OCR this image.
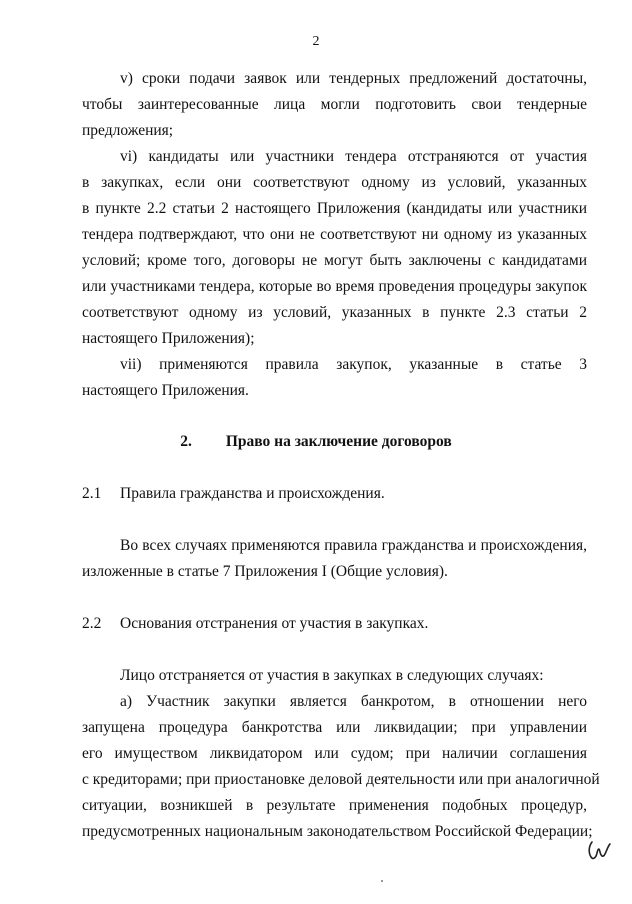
2
v) сроки подачи заявок или тендерных предложений достаточны,
чтобы заинтересованные лица могли подготовить свои тендерные
предложения;
vi) кандидаты или участники тендера отстраняются от участия
в закупках, если они соответствуют одному из условий, указанных
в пункте 2.2 статьи 2 настоящего Приложения (кандидаты или участники
тендера подтверждают, что они не соответствуют ни одному из указанных
условий; кроме того, договоры не могут быть заключены с кандидатами
или участниками тендера, которые во время проведения процедуры закупок
соответствуют одному из условий, указанных в пункте 2.3 статьи 2
настоящего Приложения);
vii) применяются правила закупок, указанные в статье 3
настоящего Приложения.
2. Право на заключение договоров
2.1 Правила гражданства и происхождения.
Во всех случаях применяются правила гражданства и происхождения,
изложенные в статье 7 Приложения I (Общие условия).
2.2 Основания отстранения от участия в закупках.
Лицо отстраняется от участия в закупках в следующих случаях:
а) Участник закупки является банкротом, в отношении него
запущена процедура банкротства или ликвидации; при управлении
его имуществом ликвидатором или судом; при наличии соглашения
с кредиторами; при приостановке деловой деятельности или при аналогичной
ситуации, возникшей в результате применения подобных процедур,
предусмотренных национальным законодательством Российской Федерации;
